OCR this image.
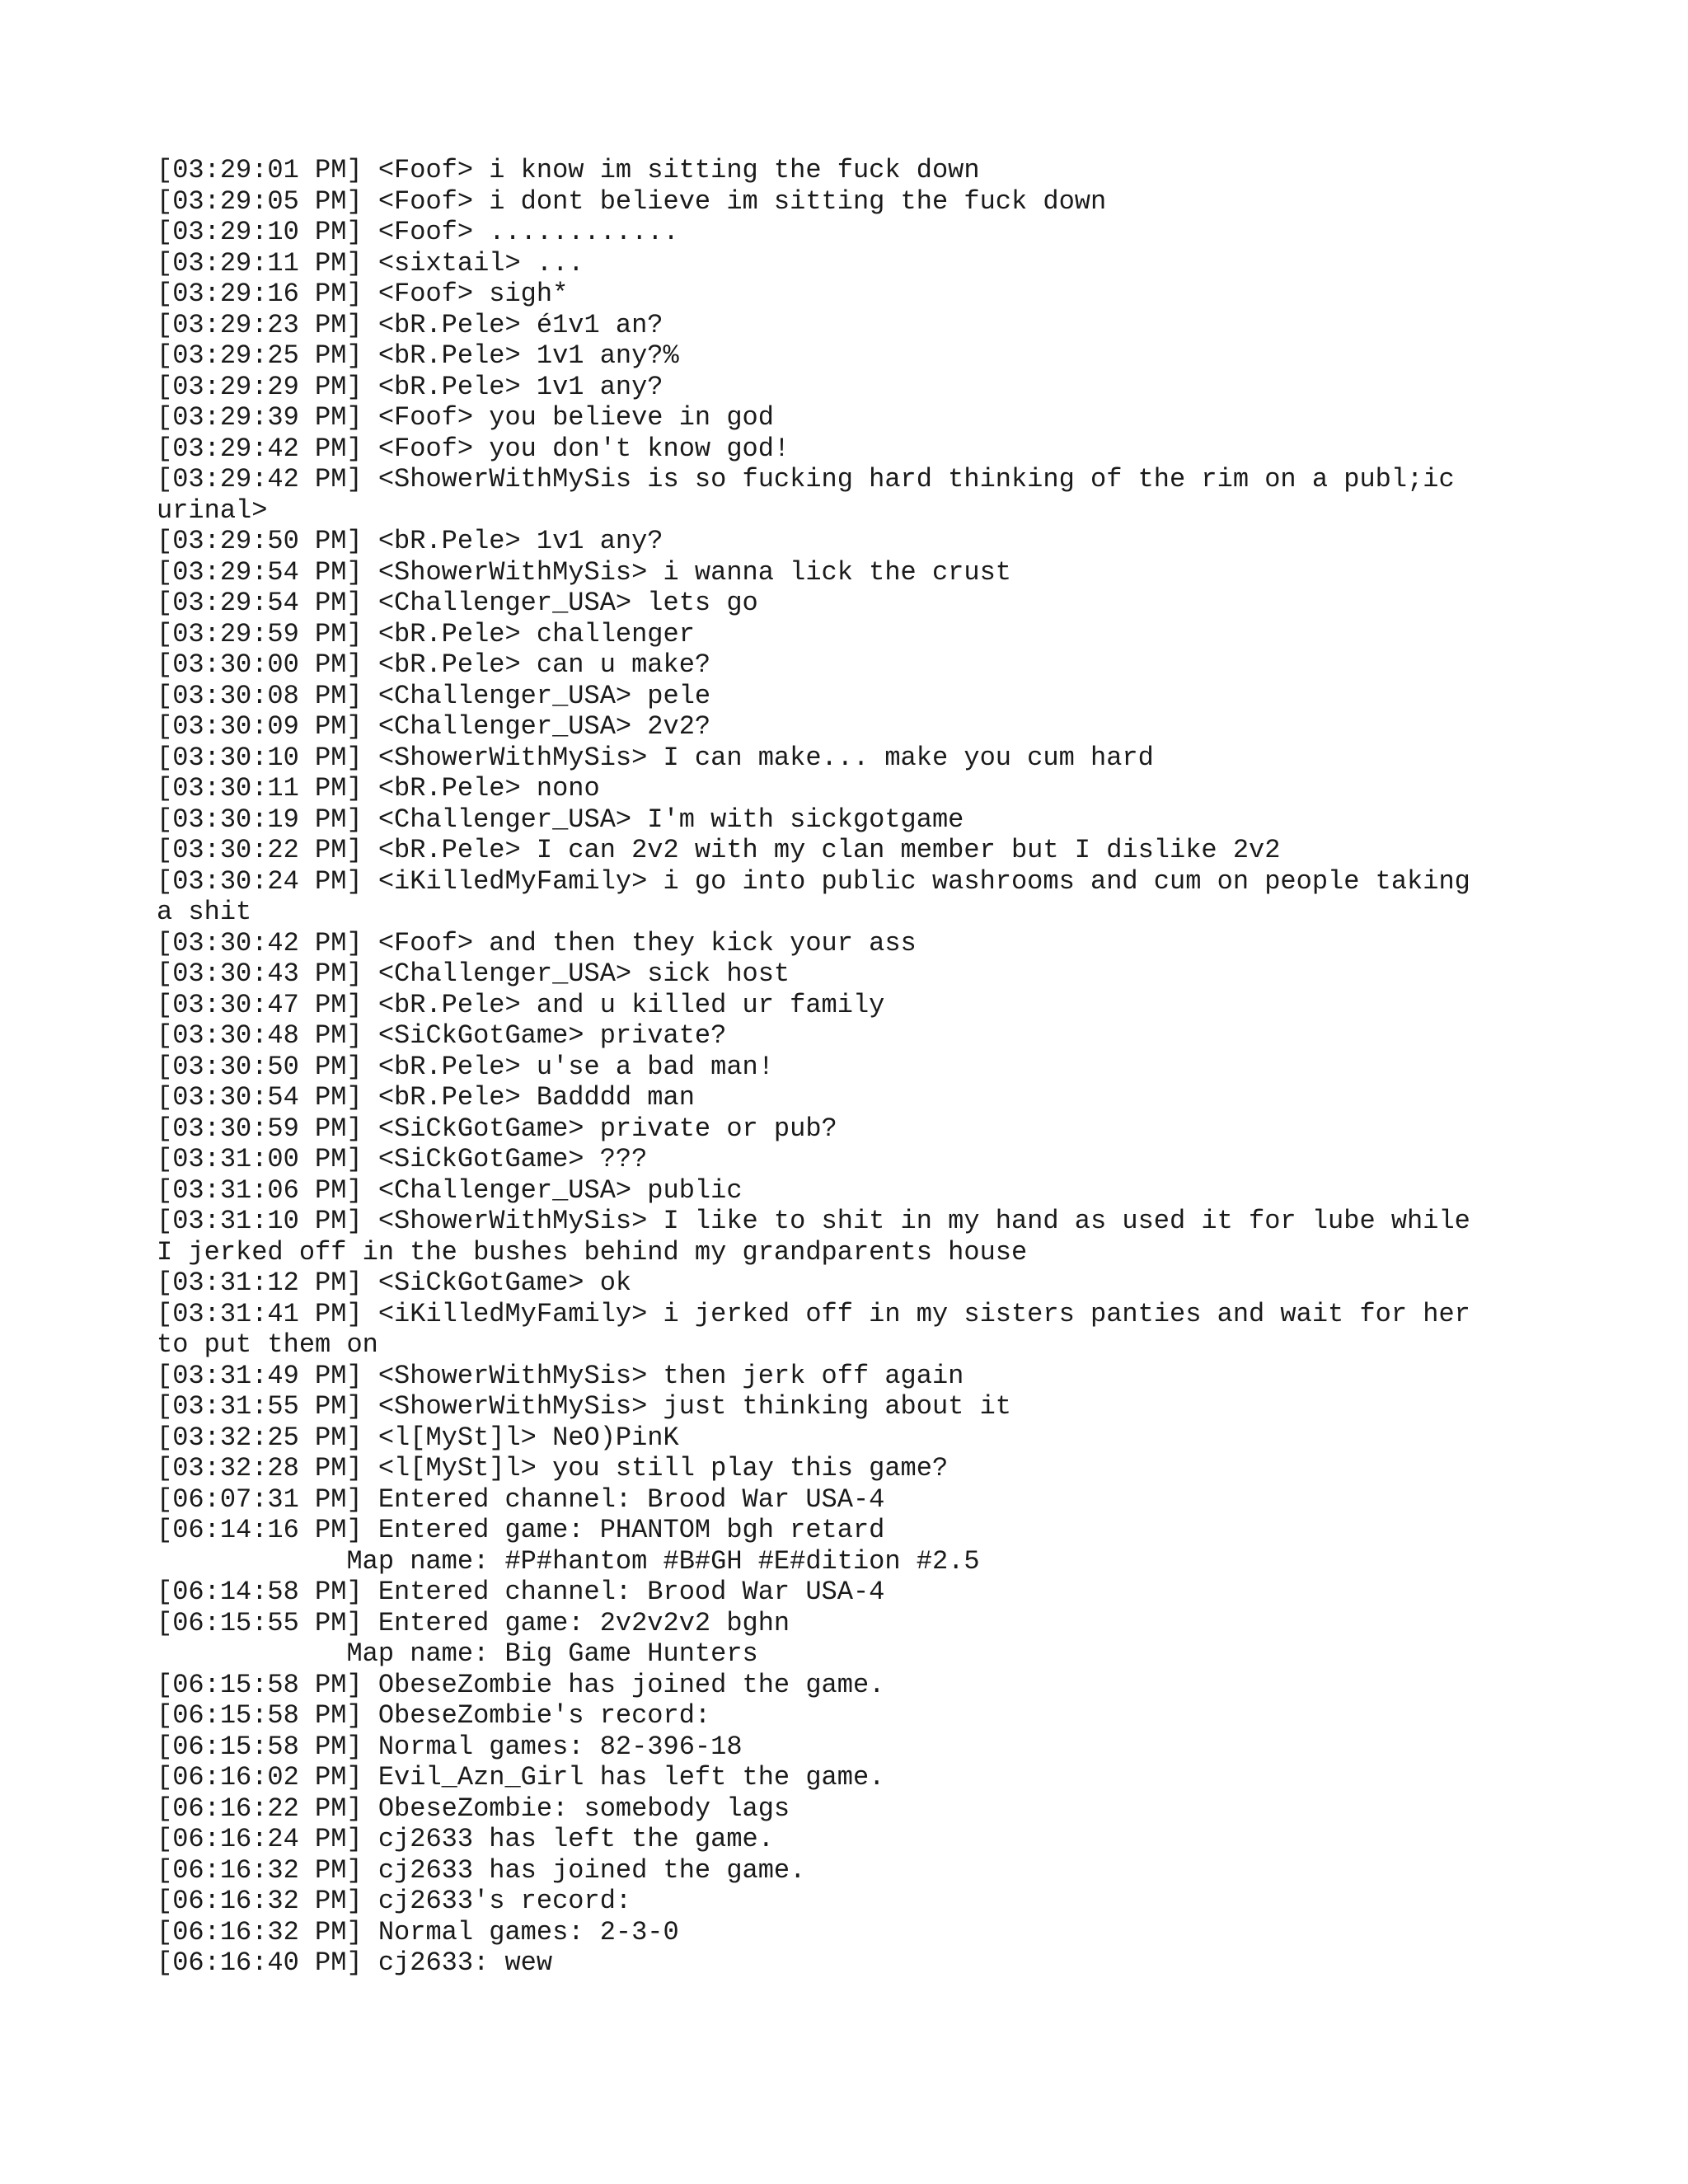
[03:29:01 PM] <Foof> i know im sitting the fuck down
[03:29:05 PM] <Foof> i dont believe im sitting the fuck down
[03:29:10 PM] <Foof> ............
[03:29:11 PM] <sixtail> ...
[03:29:16 PM] <Foof> sigh*
[03:29:23 PM] <bR.Pele> é1v1 an?
[03:29:25 PM] <bR.Pele> 1v1 any?%
[03:29:29 PM] <bR.Pele> 1v1 any?
[03:29:39 PM] <Foof> you believe in god
[03:29:42 PM] <Foof> you don't know god!
[03:29:42 PM] <ShowerWithMySis is so fucking hard thinking of the rim on a publ;ic
urinal>
[03:29:50 PM] <bR.Pele> 1v1 any?
[03:29:54 PM] <ShowerWithMySis> i wanna lick the crust
[03:29:54 PM] <Challenger_USA> lets go
[03:29:59 PM] <bR.Pele> challenger
[03:30:00 PM] <bR.Pele> can u make?
[03:30:08 PM] <Challenger_USA> pele
[03:30:09 PM] <Challenger_USA> 2v2?
[03:30:10 PM] <ShowerWithMySis> I can make... make you cum hard
[03:30:11 PM] <bR.Pele> nono
[03:30:19 PM] <Challenger_USA> I'm with sickgotgame
[03:30:22 PM] <bR.Pele> I can 2v2 with my clan member but I dislike 2v2
[03:30:24 PM] <iKilledMyFamily> i go into public washrooms and cum on people taking
a shit
[03:30:42 PM] <Foof> and then they kick your ass
[03:30:43 PM] <Challenger_USA> sick host
[03:30:47 PM] <bR.Pele> and u killed ur family
[03:30:48 PM] <SiCkGotGame> private?
[03:30:50 PM] <bR.Pele> u'se a bad man!
[03:30:54 PM] <bR.Pele> Badddd man
[03:30:59 PM] <SiCkGotGame> private or pub?
[03:31:00 PM] <SiCkGotGame> ???
[03:31:06 PM] <Challenger_USA> public
[03:31:10 PM] <ShowerWithMySis> I like to shit in my hand as used it for lube while
I jerked off in the bushes behind my grandparents house
[03:31:12 PM] <SiCkGotGame> ok
[03:31:41 PM] <iKilledMyFamily> i jerked off in my sisters panties and wait for her
to put them on
[03:31:49 PM] <ShowerWithMySis> then jerk off again
[03:31:55 PM] <ShowerWithMySis> just thinking about it
[03:32:25 PM] <l[MySt]l> NeO)PinK
[03:32:28 PM] <l[MySt]l> you still play this game?
[06:07:31 PM] Entered channel: Brood War USA-4
[06:14:16 PM] Entered game: PHANTOM bgh retard
Map name: #P#hantom #B#GH #E#dition #2.5
[06:14:58 PM] Entered channel: Brood War USA-4
[06:15:55 PM] Entered game: 2v2v2v2 bghn
Map name: Big Game Hunters
[06:15:58 PM] ObeseZombie has joined the game.
[06:15:58 PM] ObeseZombie's record:
[06:15:58 PM] Normal games: 82-396-18
[06:16:02 PM] Evil_Azn_Girl has left the game.
[06:16:22 PM] ObeseZombie: somebody lags
[06:16:24 PM] cj2633 has left the game.
[06:16:32 PM] cj2633 has joined the game.
[06:16:32 PM] cj2633's record:
[06:16:32 PM] Normal games: 2-3-0
[06:16:40 PM] cj2633: wew
